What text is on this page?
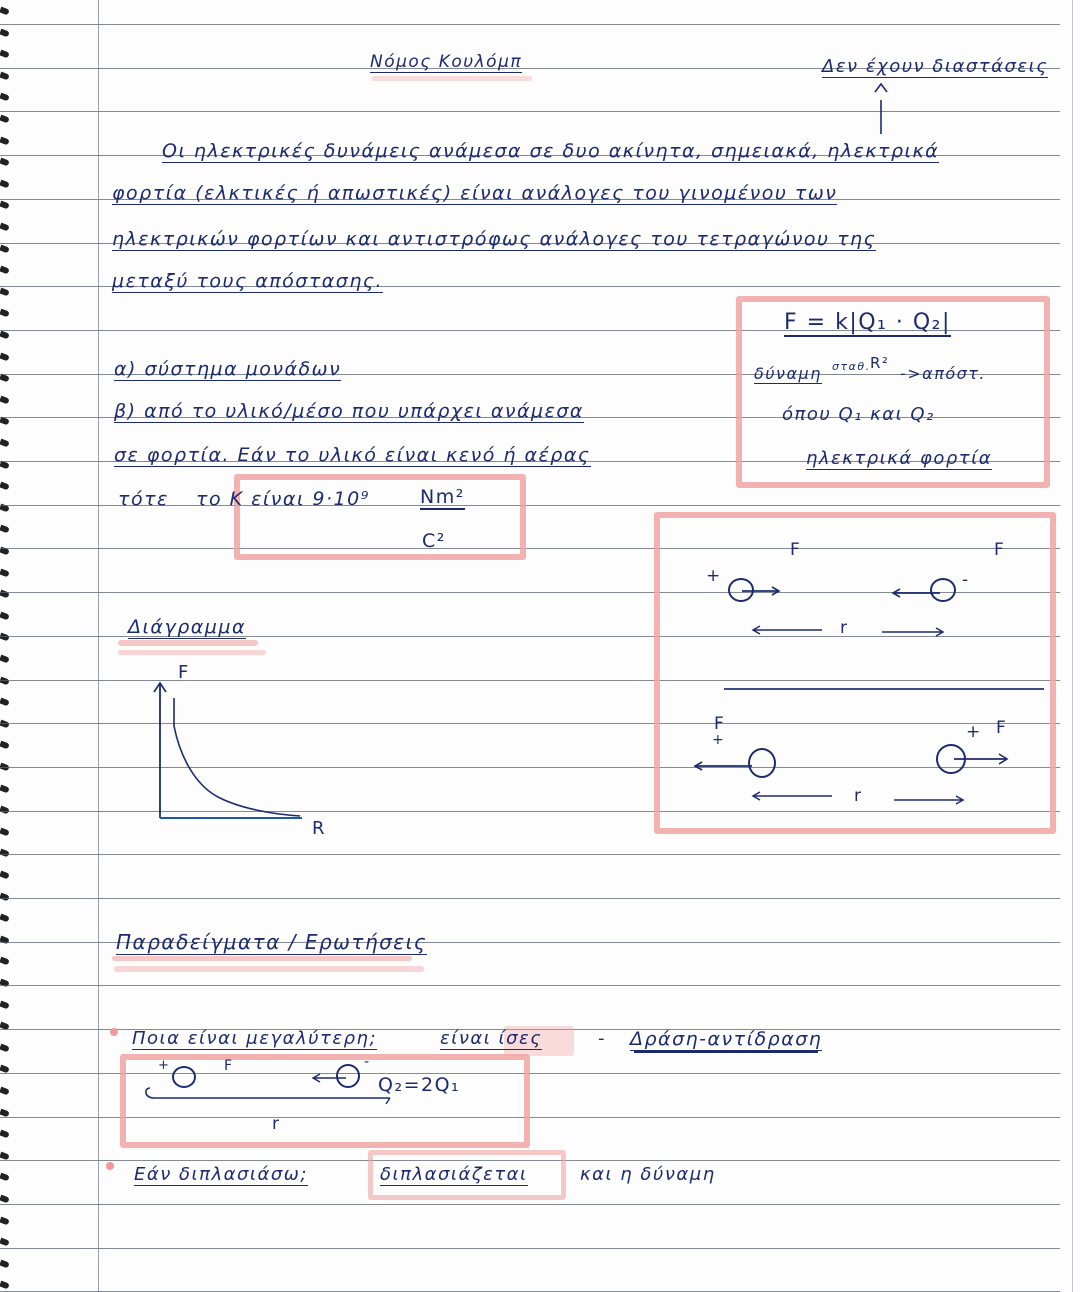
Νόμος Κουλόμπ	Δεν έχουν διαστάσεις
Οι ηλεκτρικές δυνάμεις ανάμεσα σε δυο ακίνητα, σημειακά, ηλεκτρικά
φορτία (ελκτικές ή απωστικές) είναι ανάλογες του γινομένου των
ηλεκτρικών φορτίων και αντιστρόφως ανάλογες του τετραγώνου της
μεταξύ τους απόστασης.
F = k|Q₁ · Q₂|
R²
δύναμη σταθ. ->απόστ.
όπου Q₁ και Q₂
ηλεκτρικά φορτία
α) σύστημα μονάδων
β) από το υλικό/μέσο που υπάρχει ανάμεσα
σε φορτία. Εάν το υλικό είναι κενό ή αέρας
τότε το Κ είναι 9·10⁹	Nm²
C²	F	F
+	-
r
F
+	+ F
r
Διάγραμμα
F
R
Παραδείγματα / Ερωτήσεις
Ποια είναι μεγαλύτερη;	είναι ίσες	- Δράση-αντίδραση
+	F	-
Q₂=2Q₁
r
Εάν διπλασιάσω;	διπλασιάζεται	και η δύναμη
